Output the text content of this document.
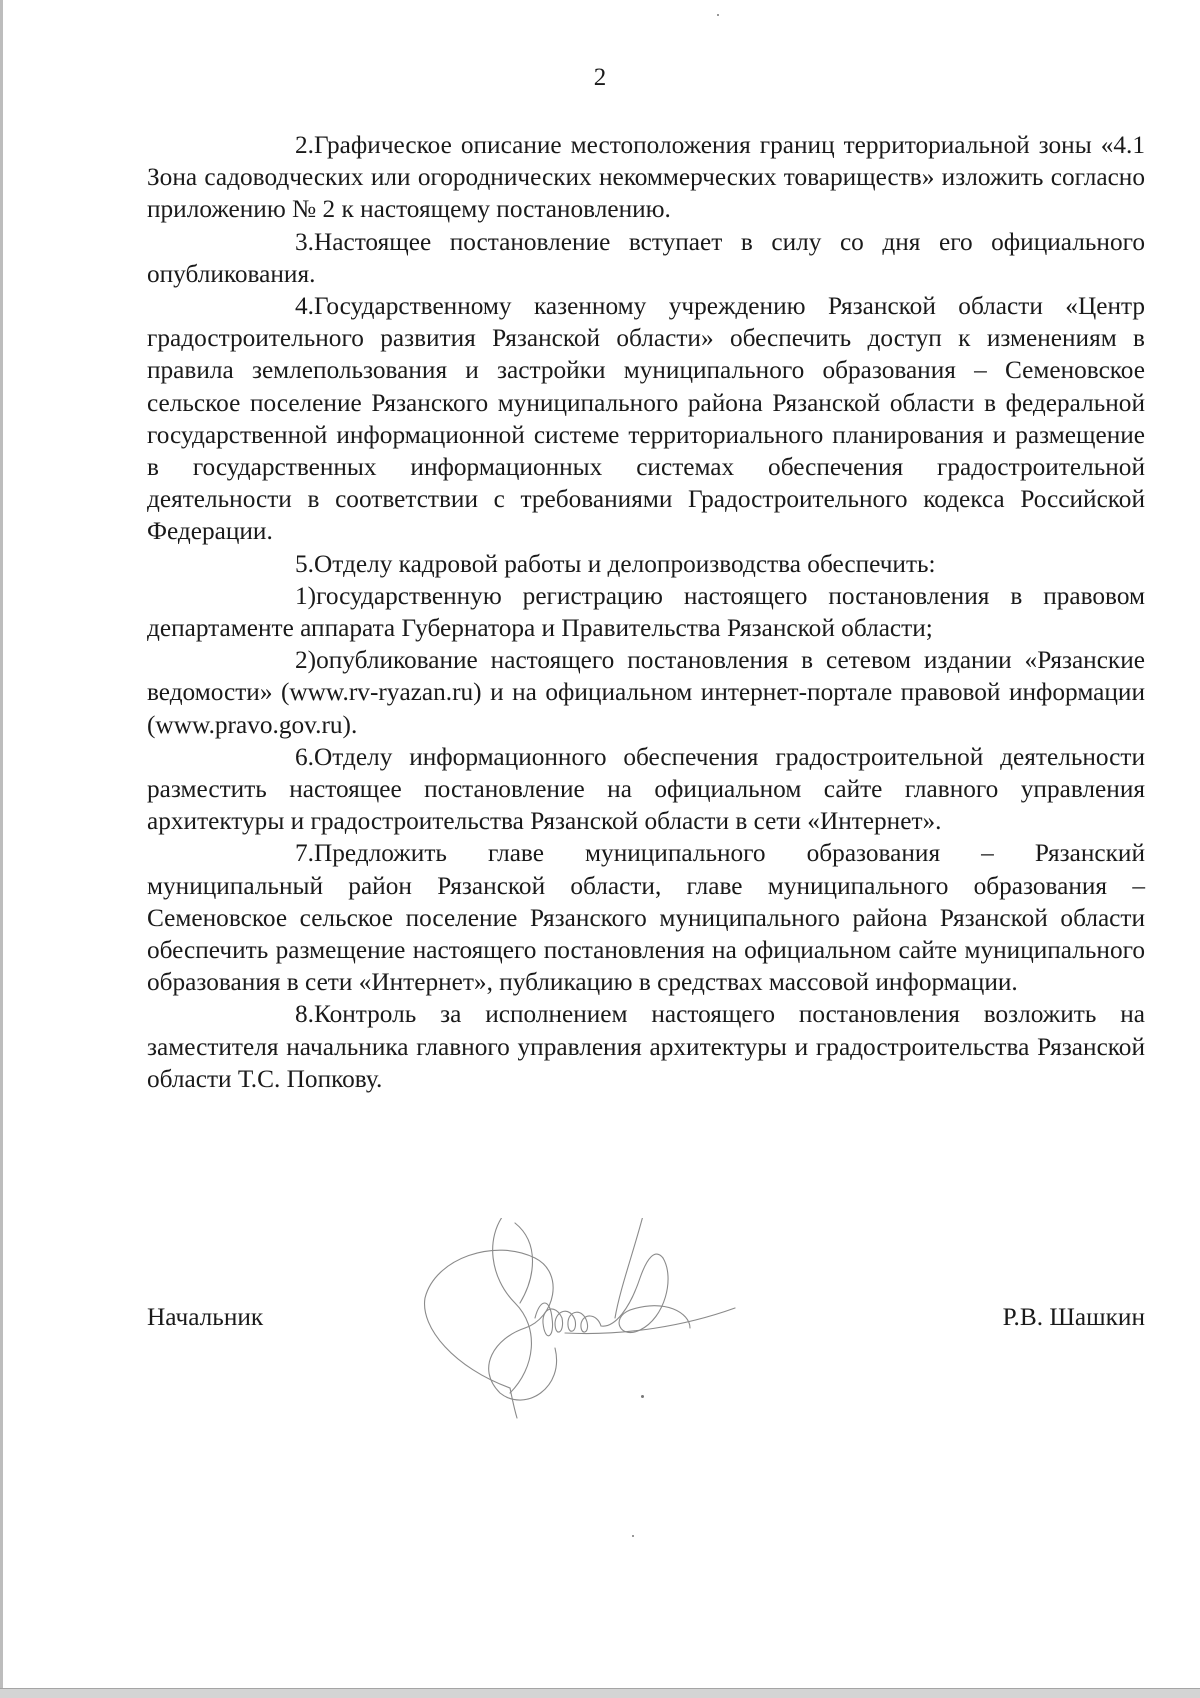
2

2.Графическое описание местоположения границ территориальной зоны «4.1 Зона садоводческих или огороднических некоммерческих товариществ» изложить согласно приложению № 2 к настоящему постановлению.

3.Настоящее постановление вступает в силу со дня его официального опубликования.

4.Государственному казенному учреждению Рязанской области «Центр градостроительного развития Рязанской области» обеспечить доступ к изменениям в правила землепользования и застройки муниципального образования – Семеновское сельское поселение Рязанского муниципального района Рязанской области в федеральной государственной информационной системе территориального планирования и размещение в государственных информационных системах обеспечения градостроительной деятельности в соответствии с требованиями Градостроительного кодекса Российской Федерации.

5.Отделу кадровой работы и делопроизводства обеспечить:

1)государственную регистрацию настоящего постановления в правовом департаменте аппарата Губернатора и Правительства Рязанской области;

2)опубликование настоящего постановления в сетевом издании «Рязанские ведомости» (www.rv-ryazan.ru) и на официальном интернет-портале правовой информации (www.pravo.gov.ru).

6.Отделу информационного обеспечения градостроительной деятельности разместить настоящее постановление на официальном сайте главного управления архитектуры и градостроительства Рязанской области в сети «Интернет».

7.Предложить главе муниципального образования – Рязанский муниципальный район Рязанской области, главе муниципального образования – Семеновское сельское поселение Рязанского муниципального района Рязанской области обеспечить размещение настоящего постановления на официальном сайте муниципального образования в сети «Интернет», публикацию в средствах массовой информации.

8.Контроль за исполнением настоящего постановления возложить на заместителя начальника главного управления архитектуры и градостроительства Рязанской области Т.С. Попкову.

Начальник	Р.В. Шашкин
